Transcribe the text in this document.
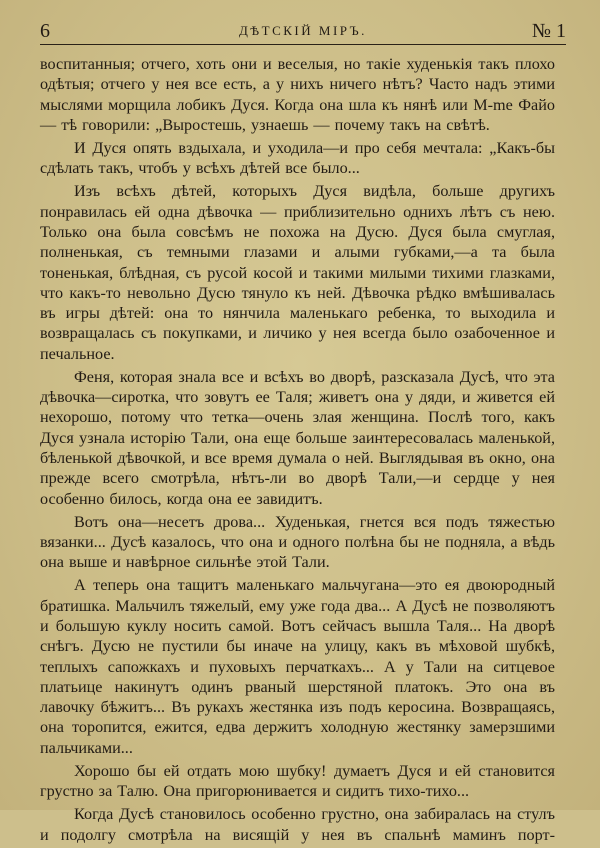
6	ДѢТСКІЙ МІРЪ.	№ 1

воспитанныя; отчего, хоть они и веселыя, но такіе худенькія такъ плохо одѣтыя; отчего у нея все есть, а у нихъ ничего нѣтъ? Часто надъ этими мыслями морщила лобикъ Дуся. Когда она шла къ нянѣ или М-me Файо — тѣ говорили: „Выростешь, узнаешь — почему такъ на свѣтѣ.

И Дуся опять вздыхала, и уходила—и про себя мечтала: „Какъ-бы сдѣлать такъ, чтобъ у всѣхъ дѣтей все было...

Изъ всѣхъ дѣтей, которыхъ Дуся видѣла, больше другихъ понравилась ей одна дѣвочка — приблизительно однихъ лѣтъ съ нею. Только она была совсѣмъ не похожа на Дусю. Дуся была смуглая, полненькая, съ темными глазами и алыми губками,—а та была тоненькая, блѣдная, съ русой косой и такими милыми тихими глазками, что какъ-то невольно Дусю тянуло къ ней. Дѣвочка рѣдко вмѣшивалась въ игры дѣтей: она то нянчила маленькаго ребенка, то выходила и возвращалась съ покупками, и личико у нея всегда было озабоченное и печальное.

Феня, которая знала все и всѣхъ во дворѣ, разсказала Дусѣ, что эта дѣвочка—сиротка, что зовутъ ее Таля; живетъ она у дяди, и живется ей нехорошо, потому что тетка—очень злая женщина. Послѣ того, какъ Дуся узнала исторію Тали, она еще больше заинтересовалась маленькой, бѣленькой дѣвочкой, и все время думала о ней. Выглядывая въ окно, она прежде всего смотрѣла, нѣтъ-ли во дворѣ Тали,—и сердце у нея особенно билось, когда она ее завидитъ.

Вотъ она—несетъ дрова... Худенькая, гнется вся подъ тяжестью вязанки... Дусѣ казалось, что она и одного полѣна бы не подняла, а вѣдь она выше и навѣрное сильнѣе этой Тали.

А теперь она тащитъ маленькаго мальчугана—это ея двоюродный братишка. Мальчилъ тяжелый, ему уже года два... А Дусѣ не позволяютъ и большую куклу носить самой. Вотъ сейчасъ вышла Таля... На дворѣ снѣгъ. Дусю не пустили бы иначе на улицу, какъ въ мѣховой шубкѣ, теплыхъ сапожкахъ и пуховыхъ перчаткахъ... А у Тали на ситцевое платьице накинутъ одинъ рваный шерстяной платокъ. Это она въ лавочку бѣжитъ... Въ рукахъ жестянка изъ подъ керосина. Возвращаясь, она торопится, ежится, едва держитъ холодную жестянку замерзшими пальчиками...

Хорошо бы ей отдать мою шубку! думаетъ Дуся и ей становится грустно за Талю. Она пригорюнивается и сидитъ тихо-тихо...

Когда Дусѣ становилось особенно грустно, она забиралась на стулъ и подолгу смотрѣла на висящій у нея въ спальнѣ маминъ порт-
